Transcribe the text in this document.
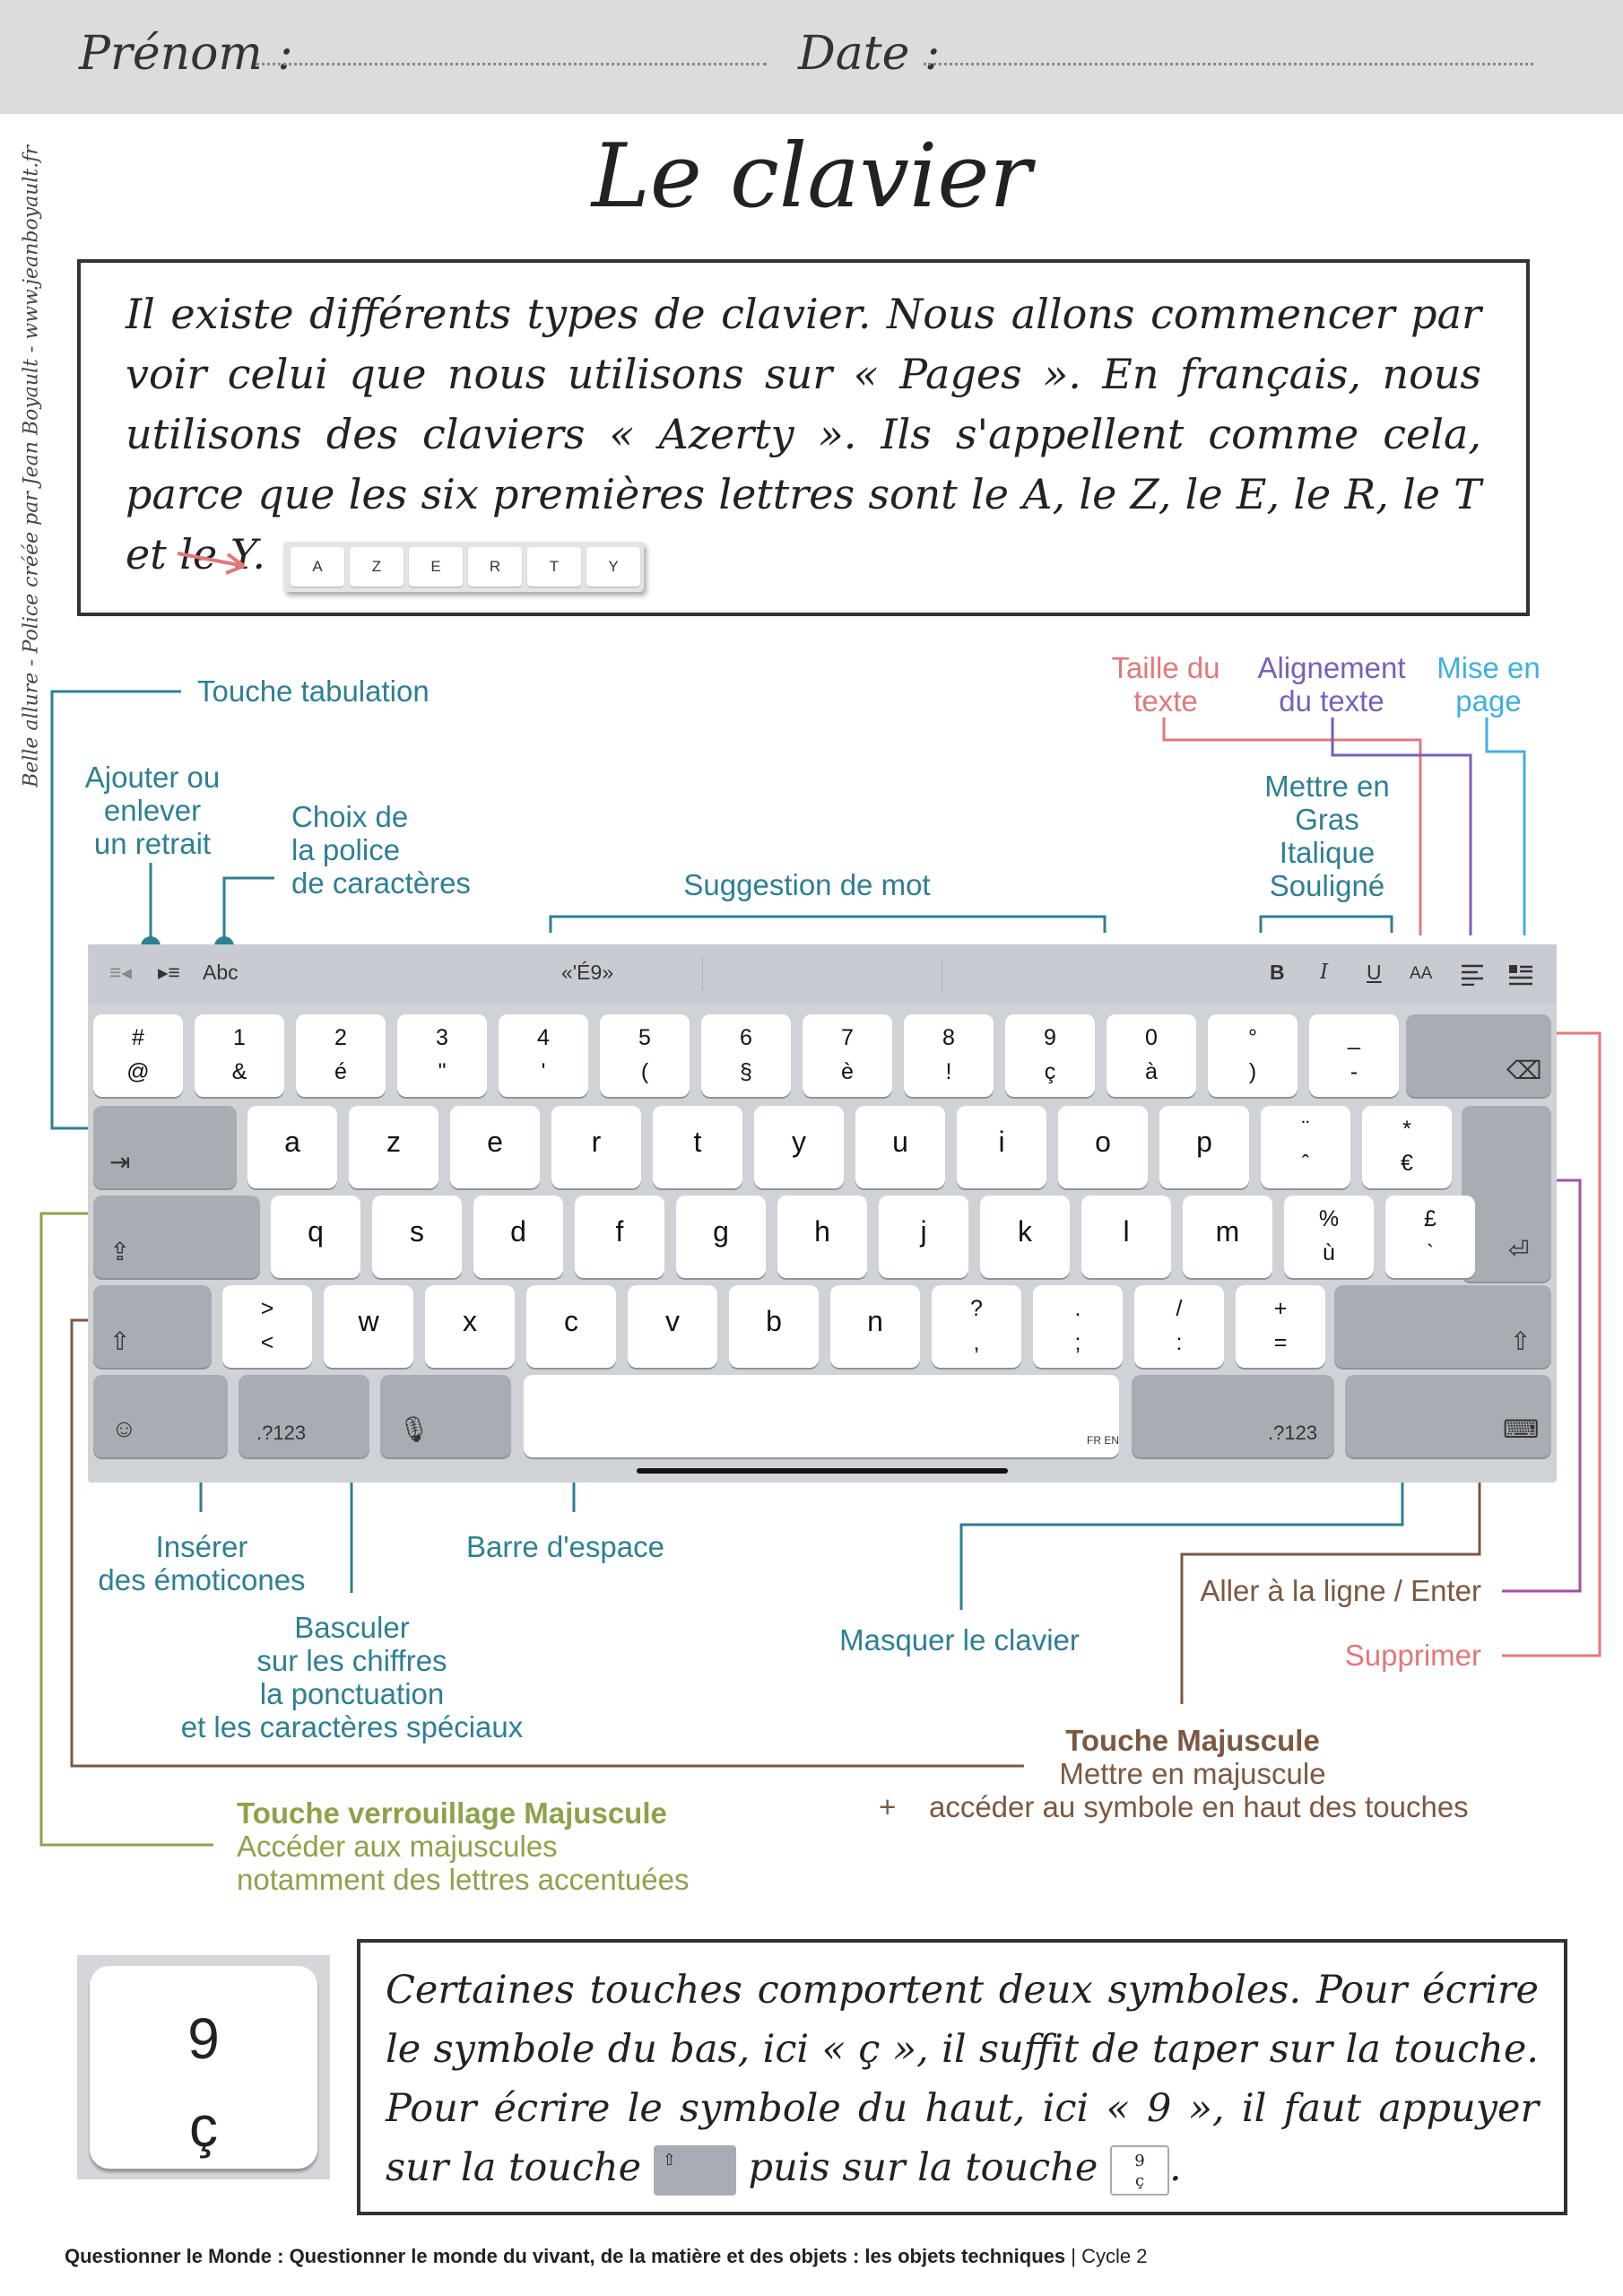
Prénom :	Date :
Belle allure - Police créée par Jean Boyault - www.jeanboyault.fr	Le clavier

Il existe différents types de clavier. Nous allons commencer par voir celui que nous utilisons sur « Pages ». En français, nous utilisons des claviers « Azerty ». Ils s'appellent comme cela, parce que les six premières lettres sont le A, le Z, le E, le R, le T et le Y.	A	Z	E	R	T	Y
Touche tabulation
Ajouter ou
enlever
un retrait
Choix de
la police
de caractères	Suggestion de mot
Taille du
texte
Alignement
du texte
Mise en
page
Mettre en
Gras
Italique
Souligné
≡◂ ▸≡ Abc	«'É9»	B I U AA
#
@
1
&
2
é
3
"
4
'
5
(
6
§
7
è
8
!
9
ç
0
à
°
)
_
-	⌫
⇥
a	z	e	r	t	y	u	i	o	p	¨
ˆ
*
€
⏎
⇪
q	s	d	f	g	h	j	k	l	m	%
ù
£
`
⇧
>
<
w	x	c	v	b	n	?
,
.
;
/
:
+
=	⇧
☺	.?123	🎙	FR EN	.?123	⌨
Insérer
des émoticones
Barre d'espace
Basculer
sur les chiffres
la ponctuation
et les caractères spéciaux
Masquer le clavier
Aller à la ligne / Enter
Supprimer
Touche Majuscule
Mettre en majuscule
+ accéder au symbole en haut des touches
Touche verrouillage Majuscule
Accéder aux majuscules
notamment des lettres accentuées
9
ç

Certaines touches comportent deux symboles. Pour écrire le symbole du bas, ici « ç », il suffit de taper sur la touche. Pour écrire le symbole du haut, ici « 9 », il faut appuyer sur la touche ⇧ puis sur la touche 9
ç .

Questionner le Monde : Questionner le monde du vivant, de la matière et des objets : les objets techniques | Cycle 2
